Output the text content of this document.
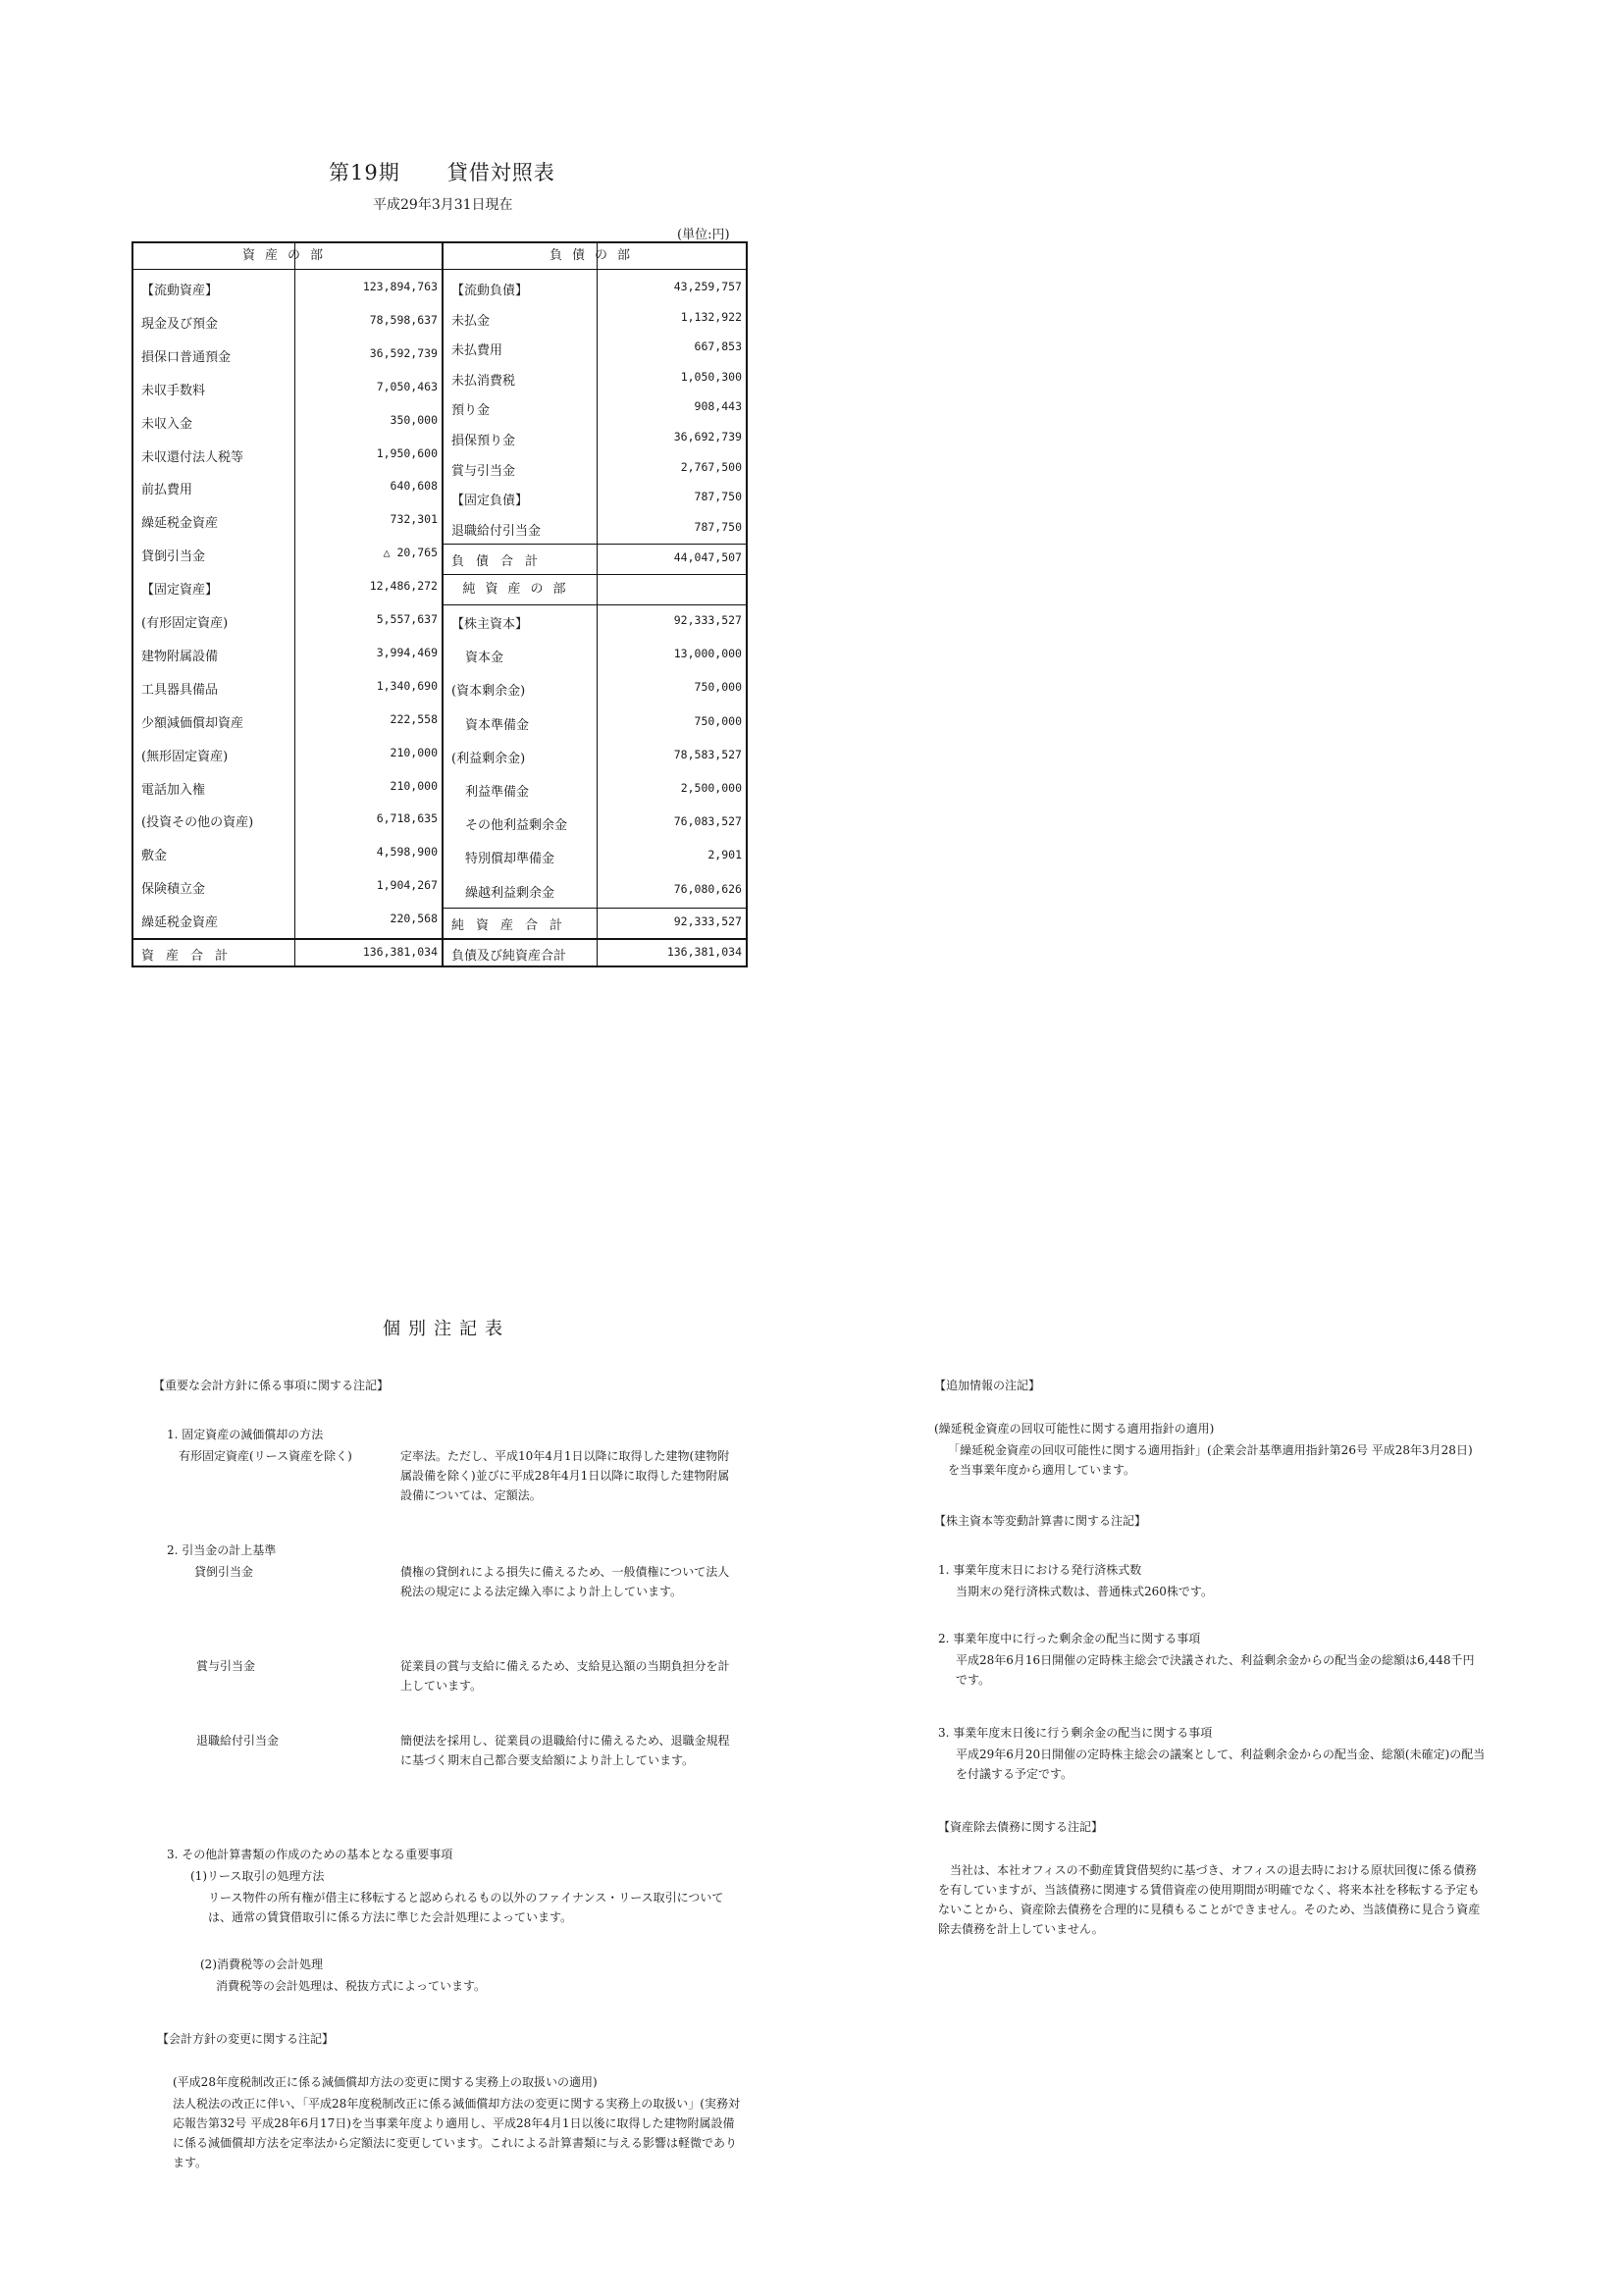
第19期 貸借対照表
平成29年3月31日現在
(単位:円)
資産の部
【流動資産】	123,894,763
現金及び預金	78,598,637
損保口普通預金	36,592,739
未収手数料	7,050,463
未収入金	350,000
未収還付法人税等	1,950,600
前払費用	640,608
繰延税金資産	732,301
貸倒引当金	△ 20,765
【固定資産】	12,486,272
(有形固定資産)	5,557,637
建物附属設備	3,994,469
工具器具備品	1,340,690
少額減価償却資産	222,558
(無形固定資産)	210,000
電話加入権	210,000
(投資その他の資産)	6,718,635
敷金	4,598,900
保険積立金	1,904,267
繰延税金資産	220,568
資産合計	136,381,034
負債の部
【流動負債】	43,259,757
未払金	1,132,922
未払費用	667,853
未払消費税	1,050,300
預り金	908,443
損保預り金	36,692,739
賞与引当金	2,767,500
【固定負債】	787,750
退職給付引当金	787,750
負債合計	44,047,507
純資産の部
【株主資本】	92,333,527
資本金	13,000,000
(資本剰余金)	750,000
資本準備金	750,000
(利益剰余金)	78,583,527
利益準備金	2,500,000
その他利益剰余金	76,083,527
特別償却準備金	2,901
繰越利益剰余金	76,080,626
純資産合計	92,333,527
負債及び純資産合計	136,381,034
個別注記表
【重要な会計方針に係る事項に関する注記】
1. 固定資産の減価償却の方法
有形固定資産(リース資産を除く)	定率法。ただし、平成10年4月1日以降に取得した建物(建物附属設備を除く)並びに平成28年4月1日以降に取得した建物附属設備については、定額法。
2. 引当金の計上基準
貸倒引当金	債権の貸倒れによる損失に備えるため、一般債権について法人税法の規定による法定繰入率により計上しています。
賞与引当金	従業員の賞与支給に備えるため、支給見込額の当期負担分を計上しています。
退職給付引当金	簡便法を採用し、従業員の退職給付に備えるため、退職金規程に基づく期末自己都合要支給額により計上しています。
3. その他計算書類の作成のための基本となる重要事項
(1)リース取引の処理方法
リース物件の所有権が借主に移転すると認められるもの以外のファイナンス・リース取引については、通常の賃貸借取引に係る方法に準じた会計処理によっています。
(2)消費税等の会計処理
消費税等の会計処理は、税抜方式によっています。
【会計方針の変更に関する注記】
(平成28年度税制改正に係る減価償却方法の変更に関する実務上の取扱いの適用)
法人税法の改正に伴い、「平成28年度税制改正に係る減価償却方法の変更に関する実務上の取扱い」(実務対応報告第32号 平成28年6月17日)を当事業年度より適用し、平成28年4月1日以後に取得した建物附属設備に係る減価償却方法を定率法から定額法に変更しています。これによる計算書類に与える影響は軽微であります。
【追加情報の注記】
(繰延税金資産の回収可能性に関する適用指針の適用)
「繰延税金資産の回収可能性に関する適用指針」(企業会計基準適用指針第26号 平成28年3月28日)を当事業年度から適用しています。
【株主資本等変動計算書に関する注記】
1. 事業年度末日における発行済株式数
当期末の発行済株式数は、普通株式260株です。
2. 事業年度中に行った剰余金の配当に関する事項
平成28年6月16日開催の定時株主総会で決議された、利益剰余金からの配当金の総額は6,448千円です。
3. 事業年度末日後に行う剰余金の配当に関する事項
平成29年6月20日開催の定時株主総会の議案として、利益剰余金からの配当金、総額(未確定)の配当を付議する予定です。
【資産除去債務に関する注記】
当社は、本社オフィスの不動産賃貸借契約に基づき、オフィスの退去時における原状回復に係る債務を有していますが、当該債務に関連する賃借資産の使用期間が明確でなく、将来本社を移転する予定もないことから、資産除去債務を合理的に見積もることができません。そのため、当該債務に見合う資産除去債務を計上していません。
